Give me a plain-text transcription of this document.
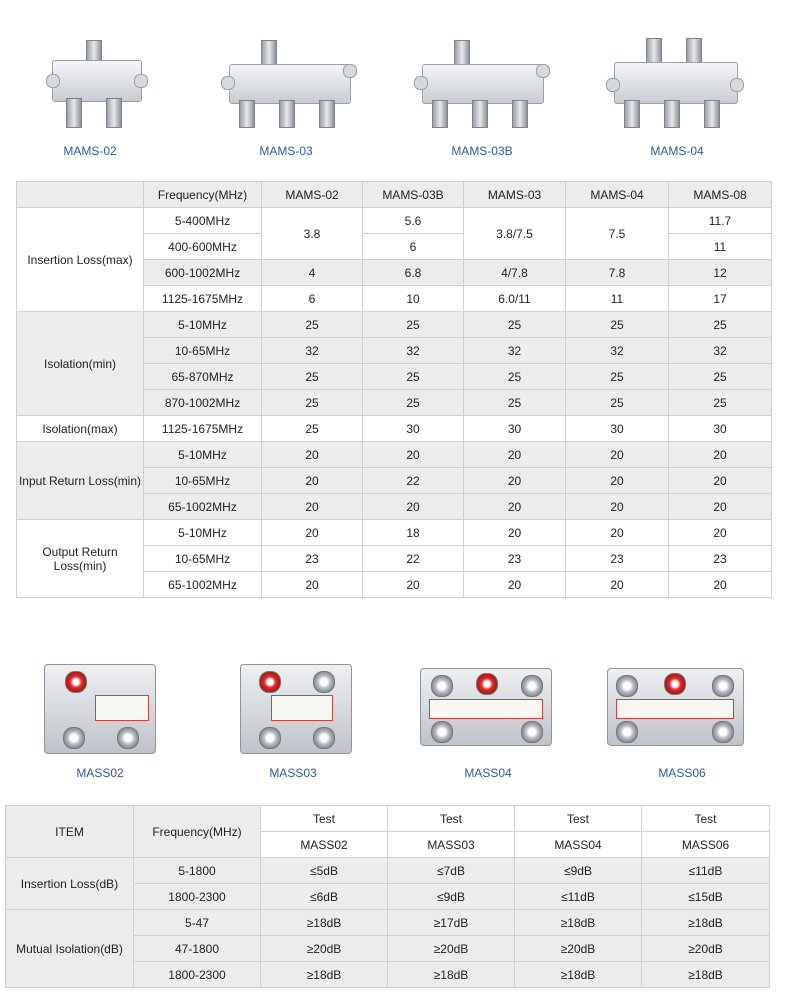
MAMS-02	MAMS-03	MAMS-03B	MAMS-04
	Frequency(MHz)	MAMS-02	MAMS-03B	MAMS-03	MAMS-04	MAMS-08
Insertion Loss(max)	5-400MHz	3.8	5.6	3.8/7.5	7.5	11.7
	400-600MHz		6			11
	600-1002MHz	4	6.8	4/7.8	7.8	12
	1125-1675MHz	6	10	6.0/11	11	17
Isolation(min)	5-10MHz	25	25	25	25	25
	10-65MHz	32	32	32	32	32
	65-870MHz	25	25	25	25	25
	870-1002MHz	25	25	25	25	25
Isolation(max)	1125-1675MHz	25	30	30	30	30
Input Return Loss(min)	5-10MHz	20	20	20	20	20
	10-65MHz	20	22	20	20	20
	65-1002MHz	20	20	20	20	20
Output Return Loss(min)	5-10MHz	20	18	20	20	20
	10-65MHz	23	22	23	23	23
	65-1002MHz	20	20	20	20	20
MASS02	MASS03	MASS04	MASS06
ITEM	Frequency(MHz)	Test	Test	Test	Test
		MASS02	MASS03	MASS04	MASS06
Insertion Loss(dB)	5-1800	≤5dB	≤7dB	≤9dB	≤11dB
	1800-2300	≤6dB	≤9dB	≤11dB	≤15dB
Mutual Isolation(dB)	5-47	≥18dB	≥17dB	≥18dB	≥18dB
	47-1800	≥20dB	≥20dB	≥20dB	≥20dB
	1800-2300	≥18dB	≥18dB	≥18dB	≥18dB
